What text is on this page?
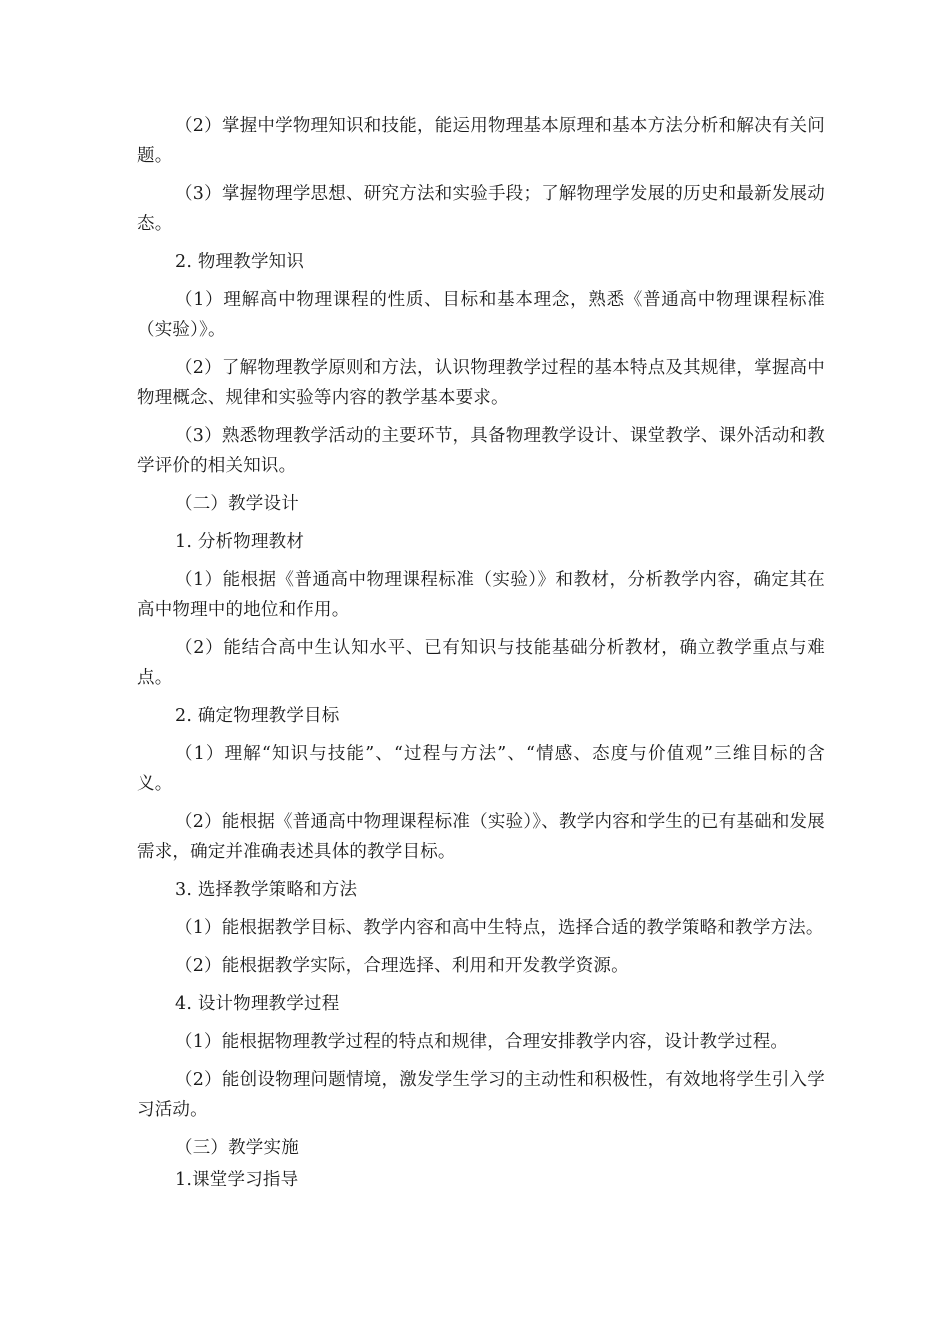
（2）掌握中学物理知识和技能，能运用物理基本原理和基本方法分析和解决有关问题。

（3）掌握物理学思想、研究方法和实验手段；了解物理学发展的历史和最新发展动态。

2. 物理教学知识

（1）理解高中物理课程的性质、目标和基本理念，熟悉《普通高中物理课程标准（实验）》。

（2）了解物理教学原则和方法，认识物理教学过程的基本特点及其规律，掌握高中物理概念、规律和实验等内容的教学基本要求。

（3）熟悉物理教学活动的主要环节，具备物理教学设计、课堂教学、课外活动和教学评价的相关知识。

（二）教学设计

1. 分析物理教材

（1）能根据《普通高中物理课程标准（实验）》和教材，分析教学内容，确定其在高中物理中的地位和作用。

（2）能结合高中生认知水平、已有知识与技能基础分析教材，确立教学重点与难点。

2. 确定物理教学目标

（1）理解“知识与技能”、“过程与方法”、“情感、态度与价值观”三维目标的含义。

（2）能根据《普通高中物理课程标准（实验）》、教学内容和学生的已有基础和发展需求，确定并准确表述具体的教学目标。

3. 选择教学策略和方法

（1）能根据教学目标、教学内容和高中生特点，选择合适的教学策略和教学方法。

（2）能根据教学实际，合理选择、利用和开发教学资源。

4. 设计物理教学过程

（1）能根据物理教学过程的特点和规律，合理安排教学内容，设计教学过程。

（2）能创设物理问题情境，激发学生学习的主动性和积极性，有效地将学生引入学习活动。

（三）教学实施

1.课堂学习指导
